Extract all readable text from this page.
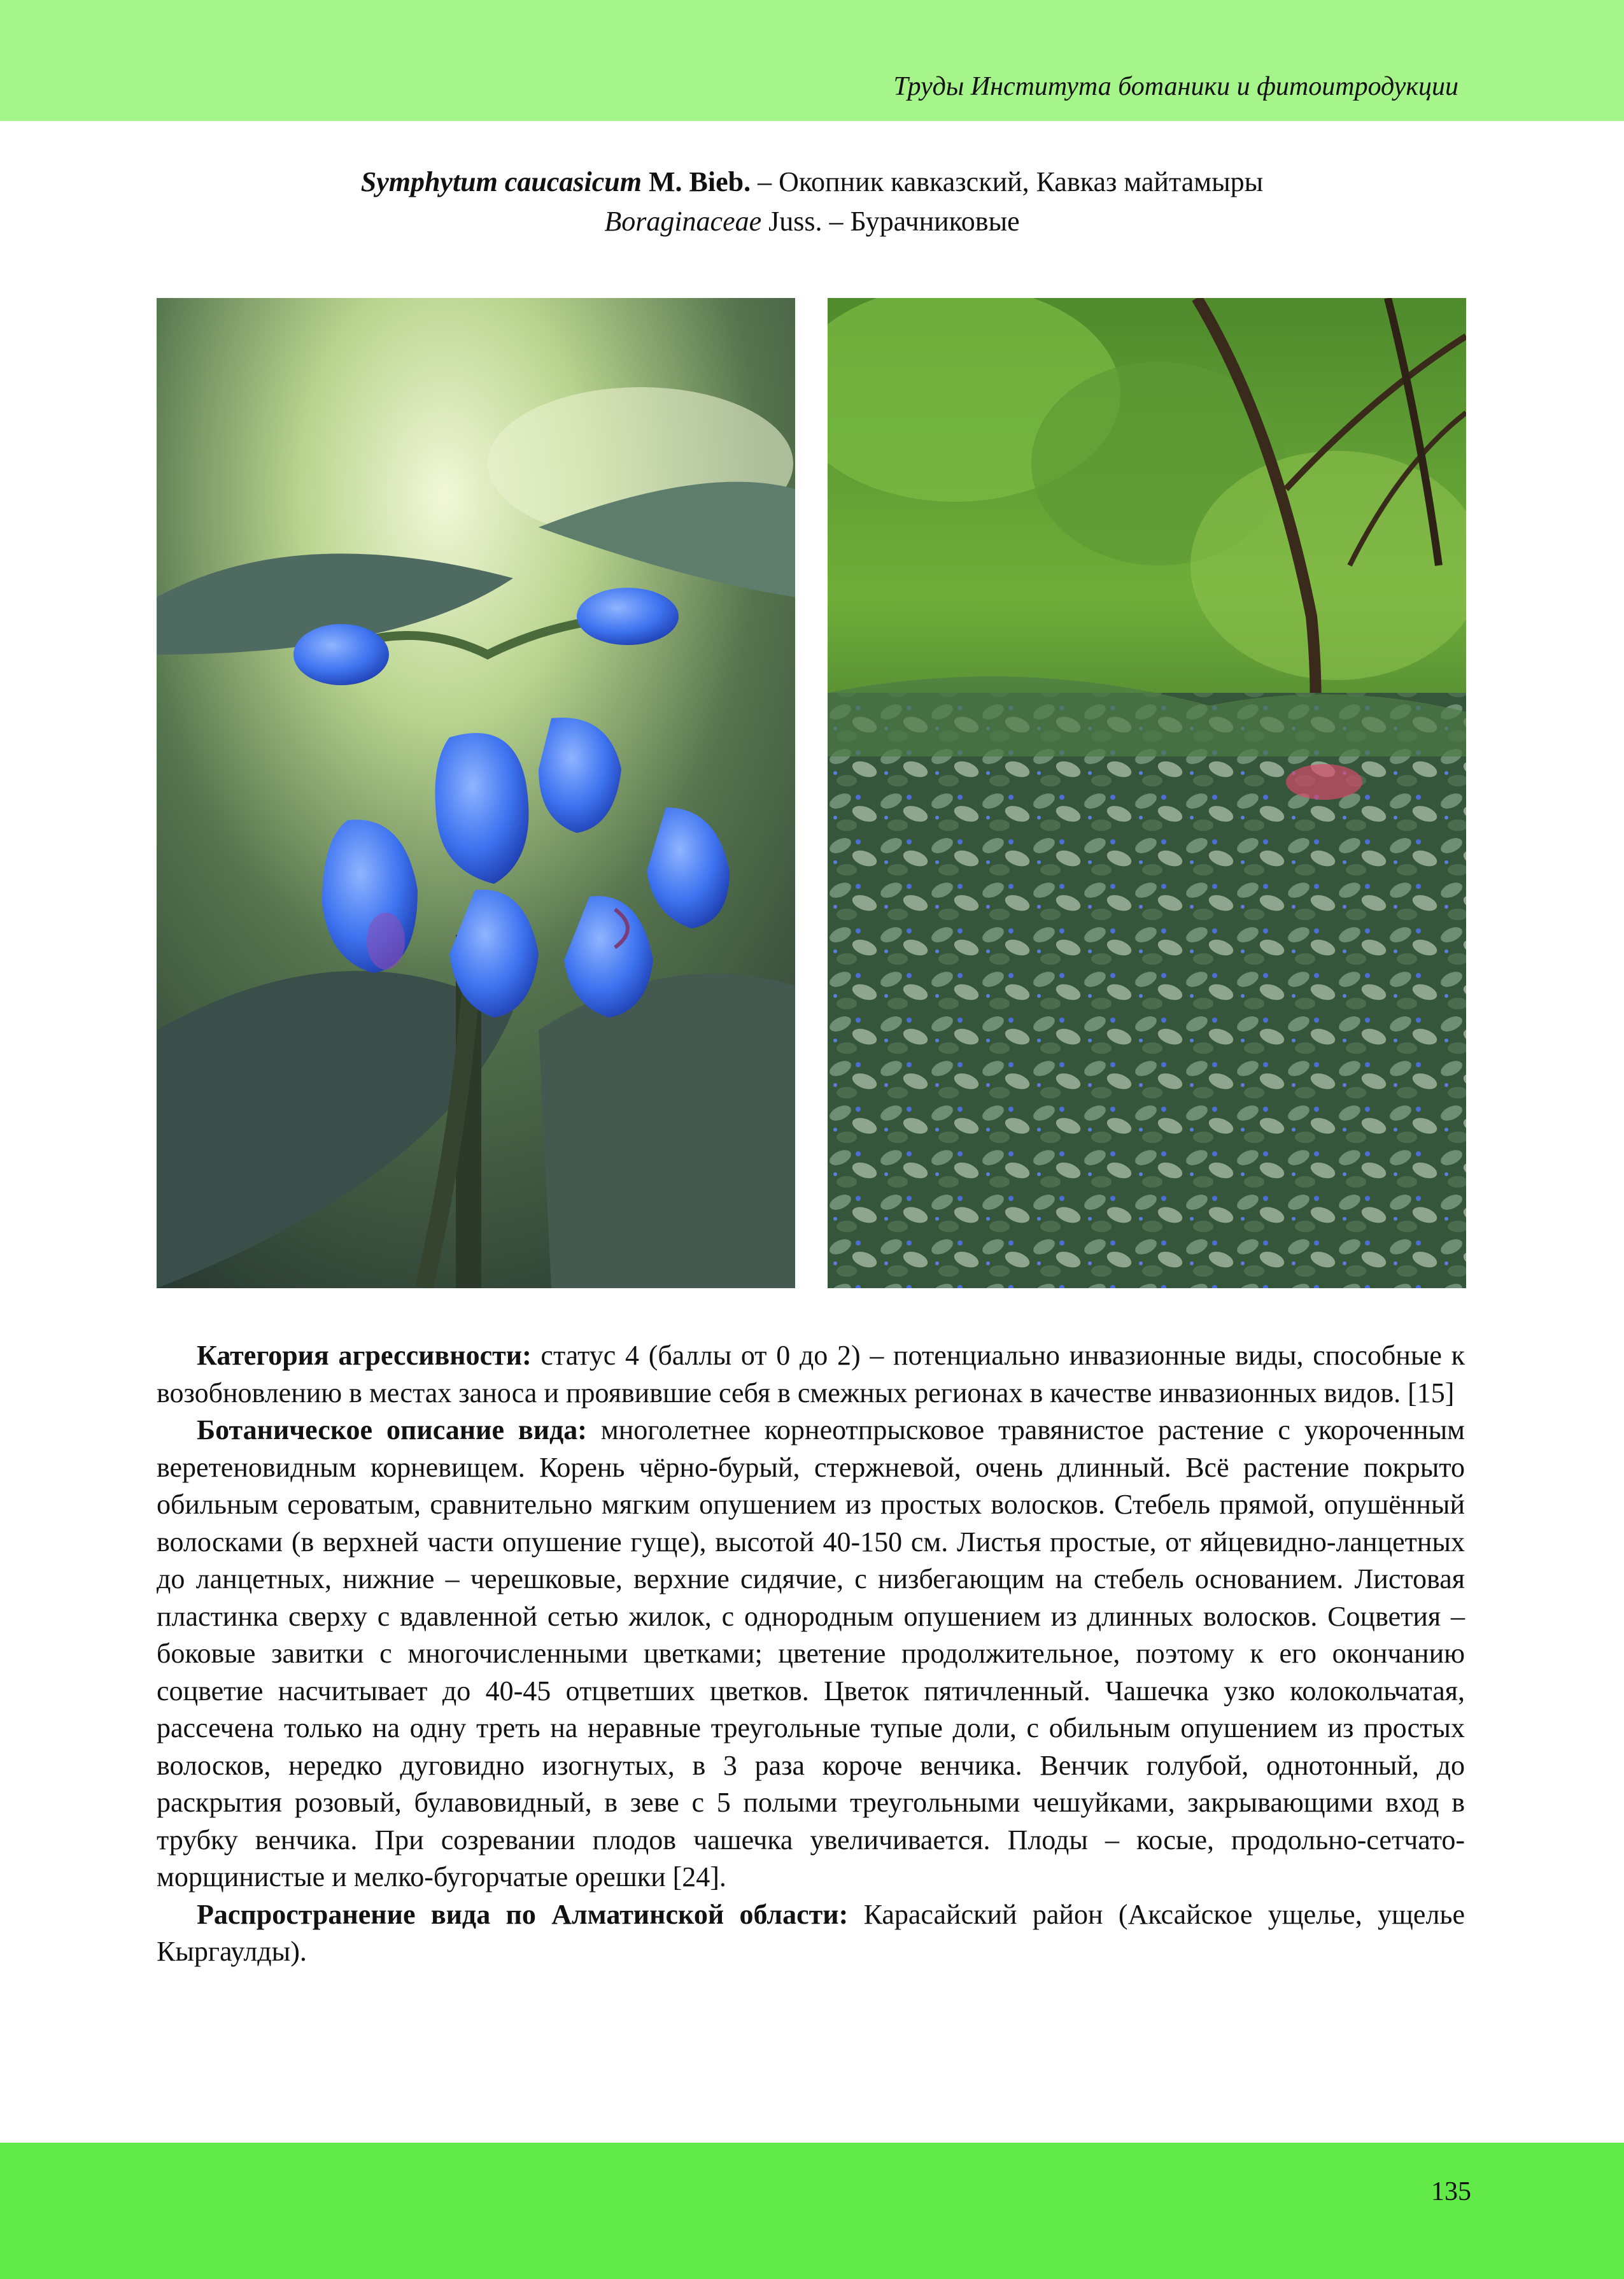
Труды Института ботаники и фитоитродукции
Symphytum caucasicum M. Bieb. – Окопник кавказский, Кавказ майтамыры
Boraginaceae Juss. – Бурачниковые

Категория агрессивности: статус 4 (баллы от 0 до 2) – потенциально инвазионные виды, способные к возобновлению в местах заноса и проявившие себя в смежных регионах в качестве инвазионных видов. [15]

Ботаническое описание вида: многолетнее корнеотпрысковое травянистое растение с укороченным веретеновидным корневищем. Корень чёрно-бурый, стержневой, очень длинный. Всё растение покрыто обильным сероватым, сравнительно мягким опушением из простых волосков. Стебель прямой, опушённый волосками (в верхней части опушение гуще), высотой 40-150 см. Листья простые, от яйцевидно-ланцетных до ланцетных, нижние – черешковые, верхние сидячие, с низбегающим на стебель основанием. Листовая пластинка сверху с вдавленной сетью жилок, с однородным опушением из длинных волосков. Соцветия – боковые завитки с многочисленными цветками; цветение продолжительное, поэтому к его окончанию соцветие насчитывает до 40-45 отцветших цветков. Цветок пятичленный. Чашечка узко колокольчатая, рассечена только на одну треть на неравные треугольные тупые доли, с обильным опушением из простых волосков, нередко дуговидно изогнутых, в 3 раза короче венчика. Венчик голубой, однотонный, до раскрытия розовый, булавовидный, в зеве с 5 полыми треугольными чешуйками, закрывающими вход в трубку венчика. При созревании плодов чашечка увеличивается. Плоды – косые, продольно-сетчато-морщинистые и мелко-бугорчатые орешки [24].

Распространение вида по Алматинской области: Карасайский район (Аксайское ущелье, ущелье Кыргаулды).

135
